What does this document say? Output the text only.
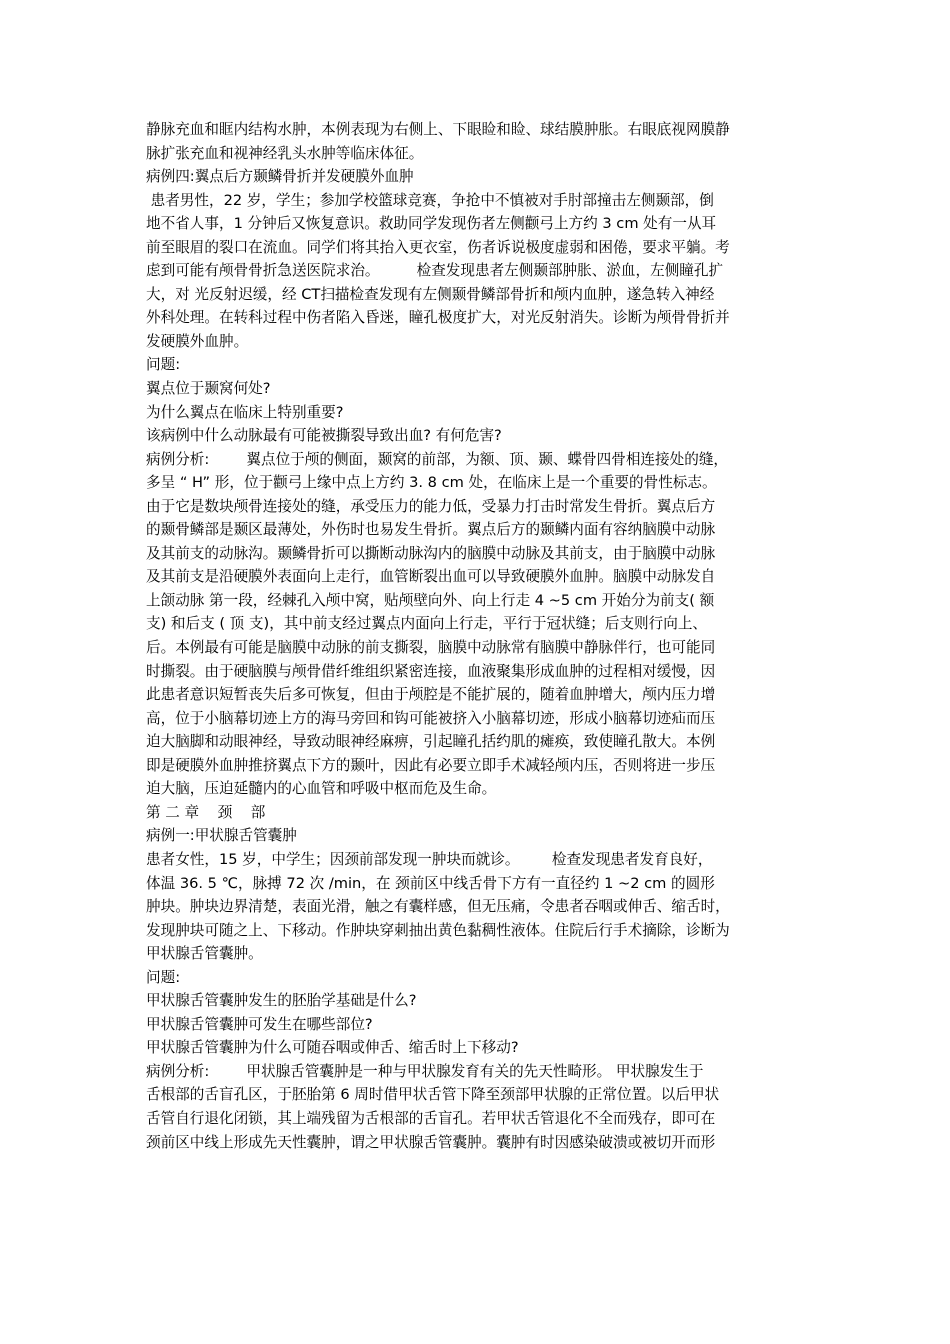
静脉充血和眶内结构水肿，本例表现为右侧上、下眼睑和睑、球结膜肿胀。右眼底视网膜静
脉扩张充血和视神经乳头水肿等临床体征。
病例四:翼点后方颞鳞骨折并发硬膜外血肿
患者男性，22 岁，学生；参加学校篮球竞赛，争抢中不慎被对手肘部撞击左侧颞部，倒
地不省人事，1 分钟后又恢复意识。救助同学发现伤者左侧颧弓上方约 3 cm 处有一从耳
前至眼眉的裂口在流血。同学们将其抬入更衣室，伤者诉说极度虚弱和困倦，要求平躺。考
虑到可能有颅骨骨折急送医院求治。        检查发现患者左侧颞部肿胀、淤血，左侧瞳孔扩
大，对 光反射迟缓，经 CT扫描检查发现有左侧颞骨鳞部骨折和颅内血肿，遂急转入神经
外科处理。在转科过程中伤者陷入昏迷，瞳孔极度扩大，对光反射消失。诊断为颅骨骨折并
发硬膜外血肿。
问题:
翼点位于颞窝何处?
为什么翼点在临床上特别重要?
该病例中什么动脉最有可能被撕裂导致出血? 有何危害?
病例分析:        翼点位于颅的侧面，颞窝的前部，为额、顶、颞、蝶骨四骨相连接处的缝，
多呈 “ H” 形，位于颧弓上缘中点上方约 3. 8 cm 处，在临床上是一个重要的骨性标志。
由于它是数块颅骨连接处的缝，承受压力的能力低，受暴力打击时常发生骨折。翼点后方
的颞骨鳞部是颞区最薄处，外伤时也易发生骨折。翼点后方的颞鳞内面有容纳脑膜中动脉
及其前支的动脉沟。颞鳞骨折可以撕断动脉沟内的脑膜中动脉及其前支，由于脑膜中动脉
及其前支是沿硬膜外表面向上走行，血管断裂出血可以导致硬膜外血肿。脑膜中动脉发自
上颌动脉 第一段，经棘孔入颅中窝，贴颅壁向外、向上行走 4 ~5 cm 开始分为前支( 额
支) 和后支 ( 顶 支)，其中前支经过翼点内面向上行走，平行于冠状缝；后支则行向上、
后。本例最有可能是脑膜中动脉的前支撕裂，脑膜中动脉常有脑膜中静脉伴行，也可能同
时撕裂。由于硬脑膜与颅骨借纤维组织紧密连接，血液聚集形成血肿的过程相对缓慢，因
此患者意识短暂丧失后多可恢复，但由于颅腔是不能扩展的，随着血肿增大，颅内压力增
高，位于小脑幕切迹上方的海马旁回和钩可能被挤入小脑幕切迹，形成小脑幕切迹疝而压
迫大脑脚和动眼神经，导致动眼神经麻痹，引起瞳孔括约肌的瘫痪，致使瞳孔散大。本例
即是硬膜外血肿推挤翼点下方的颞叶，因此有必要立即手术减轻颅内压，否则将进一步压
迫大脑，压迫延髓内的心血管和呼吸中枢而危及生命。
第 二 章    颈    部
病例一:甲状腺舌管囊肿
患者女性，15 岁，中学生；因颈前部发现一肿块而就诊。       检查发现患者发育良好，
体温 36. 5 ℃，脉搏 72 次 /min，在 颈前区中线舌骨下方有一直径约 1 ~2 cm 的圆形
肿块。肿块边界清楚，表面光滑，触之有囊样感，但无压痛，令患者吞咽或伸舌、缩舌时，
发现肿块可随之上、下移动。作肿块穿刺抽出黄色黏稠性液体。住院后行手术摘除，诊断为
甲状腺舌管囊肿。
问题:
甲状腺舌管囊肿发生的胚胎学基础是什么?
甲状腺舌管囊肿可发生在哪些部位?
甲状腺舌管囊肿为什么可随吞咽或伸舌、缩舌时上下移动?
病例分析:        甲状腺舌管囊肿是一种与甲状腺发育有关的先天性畸形。 甲状腺发生于
舌根部的舌盲孔区，于胚胎第 6 周时借甲状舌管下降至颈部甲状腺的正常位置。以后甲状
舌管自行退化闭锁，其上端残留为舌根部的舌盲孔。若甲状舌管退化不全而残存，即可在
颈前区中线上形成先天性囊肿，谓之甲状腺舌管囊肿。囊肿有时因感染破溃或被切开而形
